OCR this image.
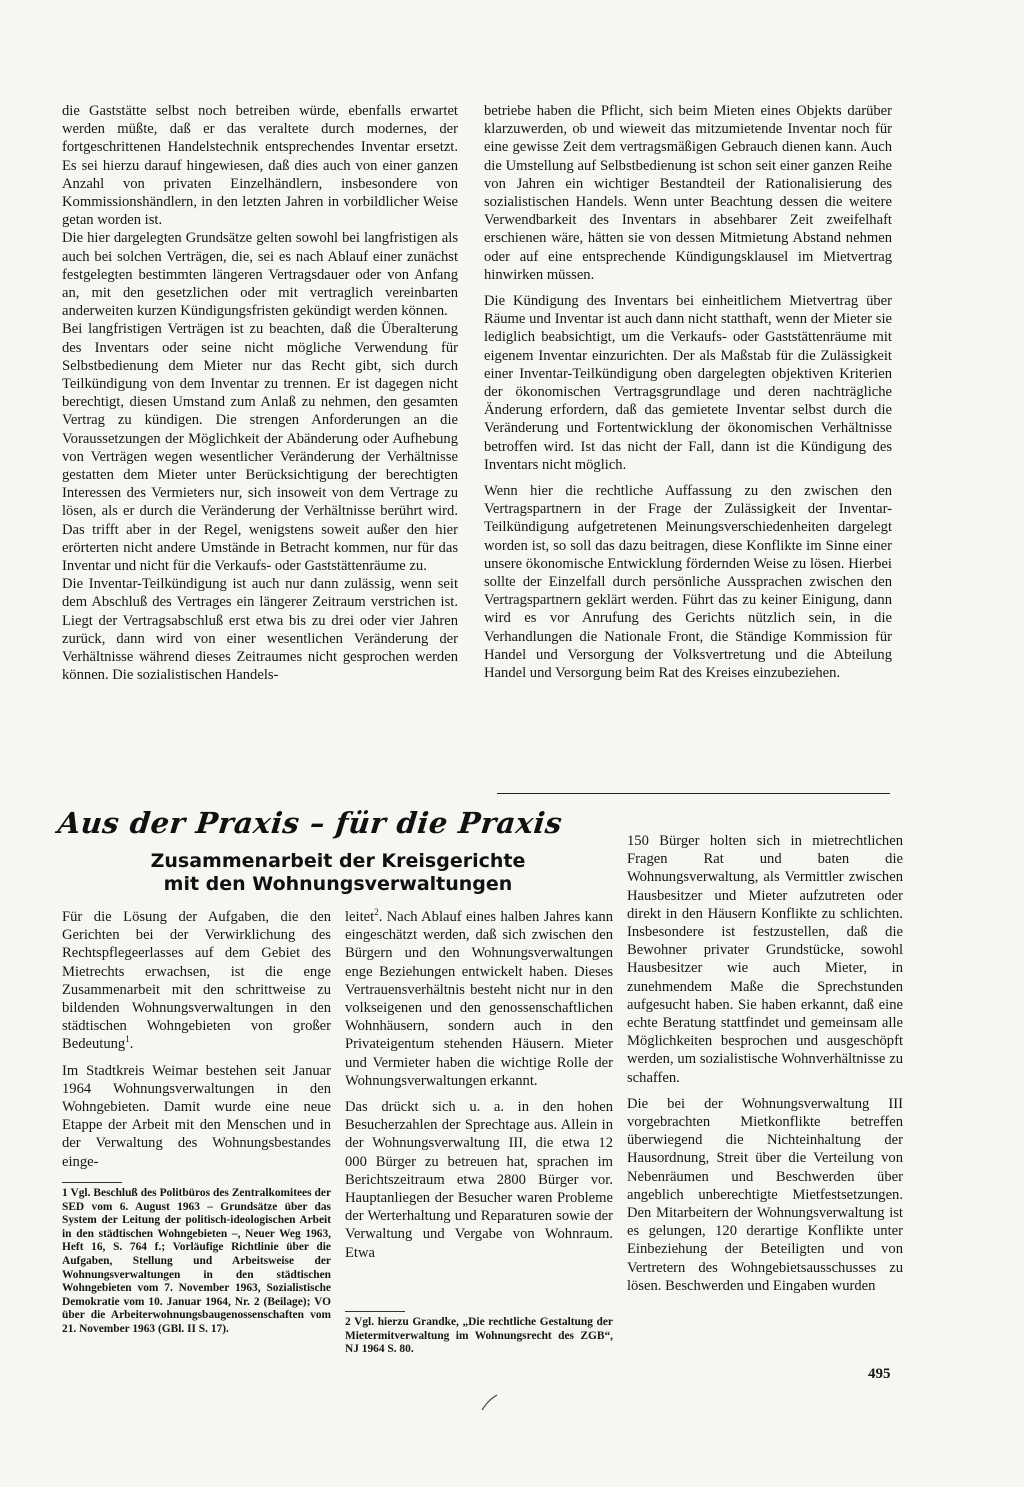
die Gaststätte selbst noch betreiben würde, ebenfalls erwartet werden müßte, daß er das veraltete durch modernes, der fortgeschrittenen Handelstechnik entsprechendes Inventar ersetzt. Es sei hierzu darauf hingewiesen, daß dies auch von einer ganzen Anzahl von privaten Einzelhändlern, insbesondere von Kommissionshändlern, in den letzten Jahren in vorbildlicher Weise getan worden ist.

Die hier dargelegten Grundsätze gelten sowohl bei langfristigen als auch bei solchen Verträgen, die, sei es nach Ablauf einer zunächst festgelegten bestimmten längeren Vertragsdauer oder von Anfang an, mit den gesetzlichen oder mit vertraglich vereinbarten anderweiten kurzen Kündigungsfristen gekündigt werden können.

Bei langfristigen Verträgen ist zu beachten, daß die Überalterung des Inventars oder seine nicht mögliche Verwendung für Selbstbedienung dem Mieter nur das Recht gibt, sich durch Teilkündigung von dem Inventar zu trennen. Er ist dagegen nicht berechtigt, diesen Umstand zum Anlaß zu nehmen, den gesamten Vertrag zu kündigen. Die strengen Anforderungen an die Voraussetzungen der Möglichkeit der Abänderung oder Aufhebung von Verträgen wegen wesentlicher Veränderung der Verhältnisse gestatten dem Mieter unter Berücksichtigung der berechtigten Interessen des Vermieters nur, sich insoweit von dem Vertrage zu lösen, als er durch die Veränderung der Verhältnisse berührt wird. Das trifft aber in der Regel, wenigstens soweit außer den hier erörterten nicht andere Umstände in Betracht kommen, nur für das Inventar und nicht für die Verkaufs- oder Gaststättenräume zu.

Die Inventar-Teilkündigung ist auch nur dann zulässig, wenn seit dem Abschluß des Vertrages ein längerer Zeitraum verstrichen ist. Liegt der Vertragsabschluß erst etwa bis zu drei oder vier Jahren zurück, dann wird von einer wesentlichen Veränderung der Verhältnisse während dieses Zeitraumes nicht gesprochen werden können. Die sozialistischen Handels-

betriebe haben die Pflicht, sich beim Mieten eines Objekts darüber klarzuwerden, ob und wieweit das mitzumietende Inventar noch für eine gewisse Zeit dem vertragsmäßigen Gebrauch dienen kann. Auch die Umstellung auf Selbstbedienung ist schon seit einer ganzen Reihe von Jahren ein wichtiger Bestandteil der Rationalisierung des sozialistischen Handels. Wenn unter Beachtung dessen die weitere Verwendbarkeit des Inventars in absehbarer Zeit zweifelhaft erschienen wäre, hätten sie von dessen Mitmietung Abstand nehmen oder auf eine entsprechende Kündigungsklausel im Mietvertrag hinwirken müssen.

Die Kündigung des Inventars bei einheitlichem Mietvertrag über Räume und Inventar ist auch dann nicht statthaft, wenn der Mieter sie lediglich beabsichtigt, um die Verkaufs- oder Gaststättenräume mit eigenem Inventar einzurichten. Der als Maßstab für die Zulässigkeit einer Inventar-Teilkündigung oben dargelegten objektiven Kriterien der ökonomischen Vertragsgrundlage und deren nachträgliche Änderung erfordern, daß das gemietete Inventar selbst durch die Veränderung und Fortentwicklung der ökonomischen Verhältnisse betroffen wird. Ist das nicht der Fall, dann ist die Kündigung des Inventars nicht möglich.

Wenn hier die rechtliche Auffassung zu den zwischen den Vertragspartnern in der Frage der Zulässigkeit der Inventar-Teilkündigung aufgetretenen Meinungsverschiedenheiten dargelegt worden ist, so soll das dazu beitragen, diese Konflikte im Sinne einer unsere ökonomische Entwicklung fördernden Weise zu lösen. Hierbei sollte der Einzelfall durch persönliche Aussprachen zwischen den Vertragspartnern geklärt werden. Führt das zu keiner Einigung, dann wird es vor Anrufung des Gerichts nützlich sein, in die Verhandlungen die Nationale Front, die Ständige Kommission für Handel und Versorgung der Volksvertretung und die Abteilung Handel und Versorgung beim Rat des Kreises einzubeziehen.

Aus der Praxis – für die Praxis
Zusammenarbeit der Kreisgerichte
mit den Wohnungsverwaltungen

Für die Lösung der Aufgaben, die den Gerichten bei der Verwirklichung des Rechtspflegeerlasses auf dem Gebiet des Mietrechts erwachsen, ist die enge Zusammenarbeit mit den schrittweise zu bildenden Wohnungsverwaltungen in den städtischen Wohngebieten von großer Bedeutung$^1$.

Im Stadtkreis Weimar bestehen seit Januar 1964 Wohnungsverwaltungen in den Wohngebieten. Damit wurde eine neue Etappe der Arbeit mit den Menschen und in der Verwaltung des Wohnungsbestandes einge-

leitet$^2$. Nach Ablauf eines halben Jahres kann eingeschätzt werden, daß sich zwischen den Bürgern und den Wohnungsverwaltungen enge Beziehungen entwickelt haben. Dieses Vertrauensverhältnis besteht nicht nur in den volkseigenen und den genossenschaftlichen Wohnhäusern, sondern auch in den Privateigentum stehenden Häusern. Mieter und Vermieter haben die wichtige Rolle der Wohnungsverwaltungen erkannt.

Das drückt sich u. a. in den hohen Besucherzahlen der Sprechtage aus. Allein in der Wohnungsverwaltung III, die etwa 12 000 Bürger zu betreuen hat, sprachen im Berichtszeitraum etwa 2800 Bürger vor. Hauptanliegen der Besucher waren Probleme der Werterhaltung und Reparaturen sowie der Verwaltung und Vergabe von Wohnraum. Etwa

150 Bürger holten sich in mietrechtlichen Fragen Rat und baten die Wohnungsverwaltung, als Vermittler zwischen Hausbesitzer und Mieter aufzutreten oder direkt in den Häusern Konflikte zu schlichten. Insbesondere ist festzustellen, daß die Bewohner privater Grundstücke, sowohl Hausbesitzer wie auch Mieter, in zunehmendem Maße die Sprechstunden aufgesucht haben. Sie haben erkannt, daß eine echte Beratung stattfindet und gemeinsam alle Möglichkeiten besprochen und ausgeschöpft werden, um sozialistische Wohnverhältnisse zu schaffen.

Die bei der Wohnungsverwaltung III vorgebrachten Mietkonflikte betreffen überwiegend die Nichteinhaltung der Hausordnung, Streit über die Verteilung von Nebenräumen und Beschwerden über angeblich unberechtigte Mietfestsetzungen. Den Mitarbeitern der Wohnungsverwaltung ist es gelungen, 120 derartige Konflikte unter Einbeziehung der Beteiligten und von Vertretern des Wohngebietsausschusses zu lösen. Beschwerden und Eingaben wurden

1 Vgl. Beschluß des Politbüros des Zentralkomitees der SED vom 6. August 1963 – Grundsätze über das System der Leitung der politisch-ideologischen Arbeit in den städtischen Wohngebieten –, Neuer Weg 1963, Heft 16, S. 764 f.; Vorläufige Richtlinie über die Aufgaben, Stellung und Arbeitsweise der Wohnungsverwaltungen in den städtischen Wohngebieten vom 7. November 1963, Sozialistische Demokratie vom 10. Januar 1964, Nr. 2 (Beilage); VO über die Arbeiterwohnungsbaugenossenschaften vom 21. November 1963 (GBl. II S. 17).
2 Vgl. hierzu Grandke, „Die rechtliche Gestaltung der Mietermitverwaltung im Wohnungsrecht des ZGB“, NJ 1964 S. 80.
495
